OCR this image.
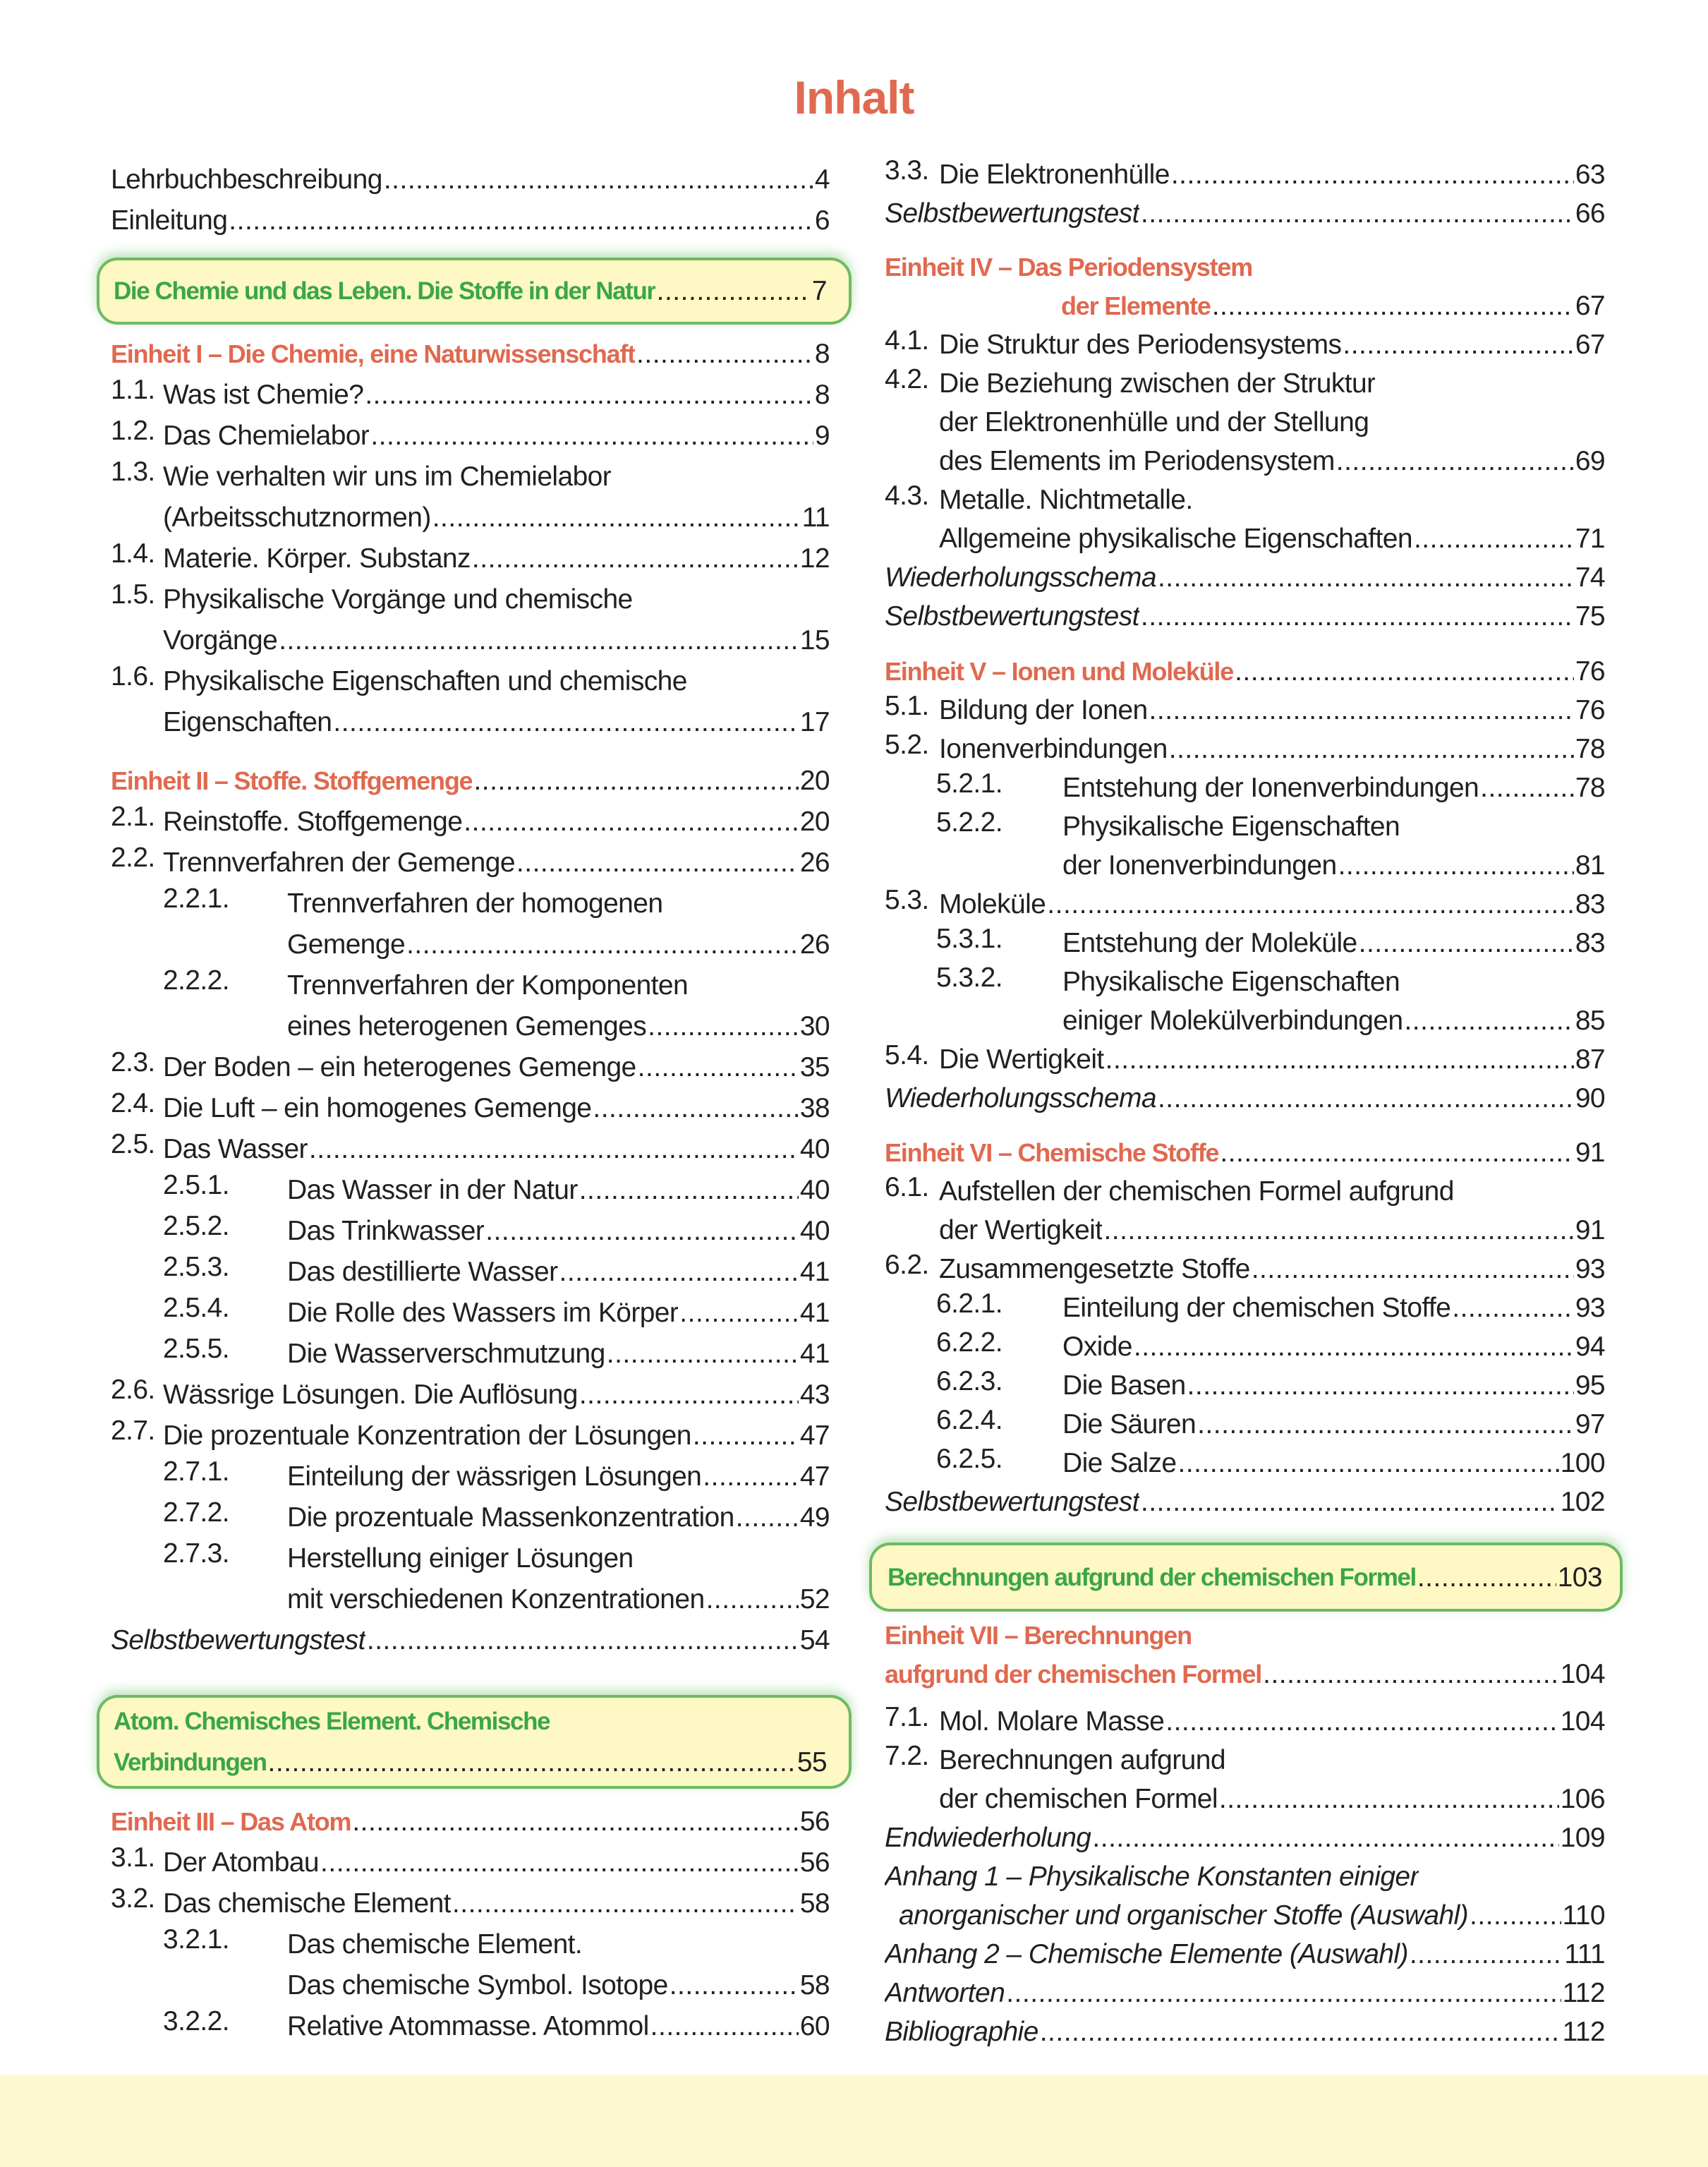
Inhalt
Lehrbuchbeschreibung .....	4
Einleitung .....	6
Die Chemie und das Leben. Die Stoffe in der Natur .....	7
Einheit I – Die Chemie, eine Naturwissenschaft .....	8
1.1. Was ist Chemie? .....	8
1.2. Das Chemielabor .....	9
1.3. Wie verhalten wir uns im Chemielabor
(Arbeitsschutznormen) .....	11
1.4. Materie. Körper. Substanz .....	12
1.5. Physikalische Vorgänge und chemische
Vorgänge .....	15
1.6. Physikalische Eigenschaften und chemische
Eigenschaften .....	17
Einheit II – Stoffe. Stoffgemenge .....	20
2.1. Reinstoffe. Stoffgemenge .....	20
2.2. Trennverfahren der Gemenge .....	26
2.2.1.	Trennverfahren der homogenen
Gemenge .....	26
2.2.2.	Trennverfahren der Komponenten
eines heterogenen Gemenges .....	30
2.3. Der Boden – ein heterogenes Gemenge .....	35
2.4. Die Luft – ein homogenes Gemenge .....	38
2.5. Das Wasser .....	40
2.5.1.	Das Wasser in der Natur .....	40
2.5.2.	Das Trinkwasser .....	40
2.5.3.	Das destillierte Wasser .....	41
2.5.4.	Die Rolle des Wassers im Körper .....	41
2.5.5.	Die Wasserverschmutzung .....	41
2.6. Wässrige Lösungen. Die Auflösung .....	43
2.7. Die prozentuale Konzentration der Lösungen .....	47
2.7.1.	Einteilung der wässrigen Lösungen .....	47
2.7.2.	Die prozentuale Massenkonzentration ..... 49
2.7.3.	Herstellung einiger Lösungen
mit verschiedenen Konzentrationen .....	52
Selbstbewertungstest .....	54
Atom. Chemisches Element. Chemische
Verbindungen .....	55
Einheit III – Das Atom .....	56
3.1. Der Atombau .....	56
3.2. Das chemische Element .....	58
3.2.1.	Das chemische Element.
Das chemische Symbol. Isotope .....	58
3.2.2.	Relative Atommasse. Atommol .....	60
3.3. Die Elektronenhülle .....	63
Selbstbewertungstest .....	66
Einheit IV – Das Periodensystem
der Elemente .....	67
4.1. Die Struktur des Periodensystems .....	67
4.2. Die Beziehung zwischen der Struktur
der Elektronenhülle und der Stellung
des Elements im Periodensystem .....	69
4.3. Metalle. Nichtmetalle.
Allgemeine physikalische Eigenschaften .....	71
Wiederholungsschema .....	74
Selbstbewertungstest .....	75
Einheit V – Ionen und Moleküle .....	76
5.1. Bildung der Ionen .....	76
5.2. Ionenverbindungen .....	78
5.2.1.	Entstehung der Ionenverbindungen .....	78
5.2.2.	Physikalische Eigenschaften
der Ionenverbindungen .....	81
5.3. Moleküle .....	83
5.3.1.	Entstehung der Moleküle .....	83
5.3.2.	Physikalische Eigenschaften
einiger Molekülverbindungen .....	85
5.4. Die Wertigkeit .....	87
Wiederholungsschema .....	90
Einheit VI – Chemische Stoffe .....	91
6.1. Aufstellen der chemischen Formel aufgrund
der Wertigkeit .....	91
6.2. Zusammengesetzte Stoffe .....	93
6.2.1.	Einteilung der chemischen Stoffe .....	93
6.2.2.	Oxide .....	94
6.2.3.	Die Basen .....	95
6.2.4.	Die Säuren .....	97
6.2.5.	Die Salze .....	100
Selbstbewertungstest .....	102
Berechnungen aufgrund der chemischen Formel .....	103
Einheit VII – Berechnungen
aufgrund der chemischen Formel .....	104
7.1. Mol. Molare Masse .....	104
7.2. Berechnungen aufgrund
der chemischen Formel .....	106
Endwiederholung .....	109
Anhang 1 – Physikalische Konstanten einiger
anorganischer und organischer Stoffe (Auswahl) .....	110
Anhang 2 – Chemische Elemente (Auswahl) .....	111
Antworten .....	112
Bibliographie .....	112
